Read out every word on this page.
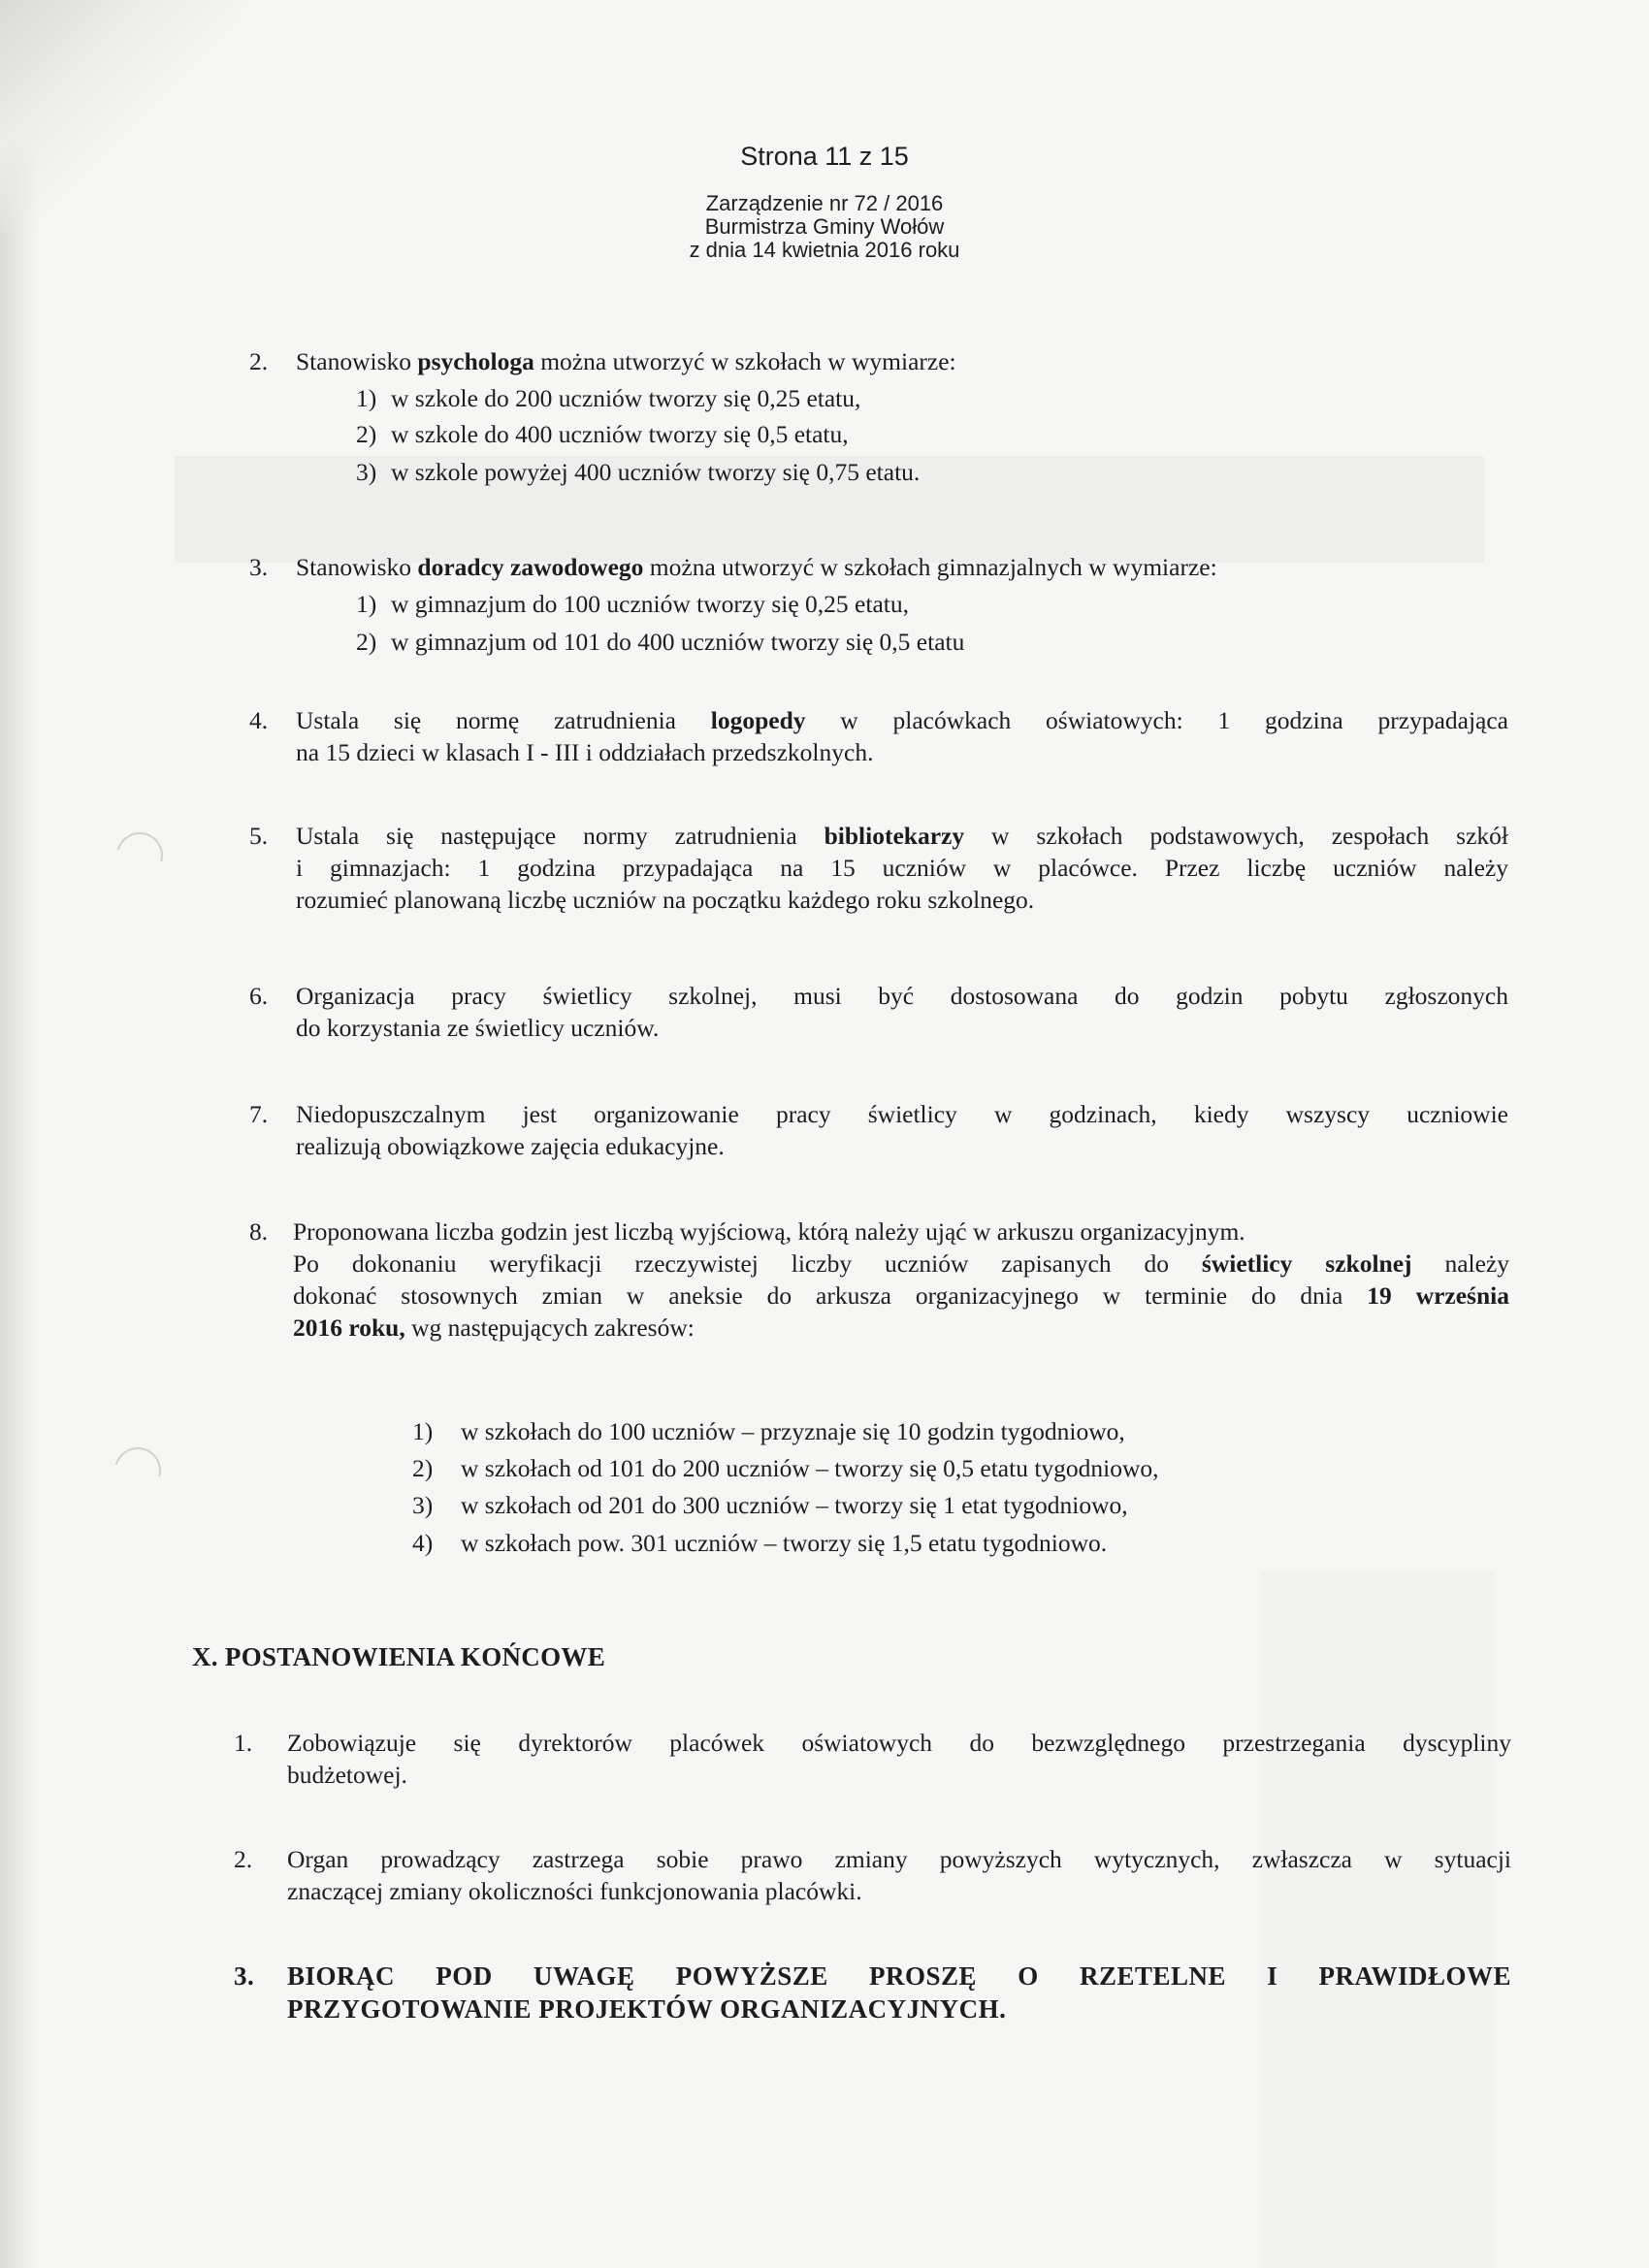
Strona 11 z 15
Zarządzenie nr 72 / 2016
Burmistrza Gminy Wołów
z dnia 14 kwietnia 2016 roku
2. Stanowisko psychologa można utworzyć w szkołach w wymiarze:
1) w szkole do 200 uczniów tworzy się 0,25 etatu,
2) w szkole do 400 uczniów tworzy się 0,5 etatu,
3) w szkole powyżej 400 uczniów tworzy się 0,75 etatu.
3. Stanowisko doradcy zawodowego można utworzyć w szkołach gimnazjalnych w wymiarze:
1) w gimnazjum do 100 uczniów tworzy się 0,25 etatu,
2) w gimnazjum od 101 do 400 uczniów tworzy się 0,5 etatu
4. Ustala się normę zatrudnienia logopedy w placówkach oświatowych: 1 godzina przypadająca
na 15 dzieci w klasach I - III i oddziałach przedszkolnych.
5. Ustala się następujące normy zatrudnienia bibliotekarzy w szkołach podstawowych, zespołach szkół
i gimnazjach: 1 godzina przypadająca na 15 uczniów w placówce. Przez liczbę uczniów należy
rozumieć planowaną liczbę uczniów na początku każdego roku szkolnego.
6. Organizacja pracy świetlicy szkolnej, musi być dostosowana do godzin pobytu zgłoszonych
do korzystania ze świetlicy uczniów.
7. Niedopuszczalnym jest organizowanie pracy świetlicy w godzinach, kiedy wszyscy uczniowie
realizują obowiązkowe zajęcia edukacyjne.
8. Proponowana liczba godzin jest liczbą wyjściową, którą należy ująć w arkuszu organizacyjnym.
Po dokonaniu weryfikacji rzeczywistej liczby uczniów zapisanych do świetlicy szkolnej należy
dokonać stosownych zmian w aneksie do arkusza organizacyjnego w terminie do dnia 19 września
2016 roku, wg następujących zakresów:
1) w szkołach do 100 uczniów – przyznaje się 10 godzin tygodniowo,
2) w szkołach od 101 do 200 uczniów – tworzy się 0,5 etatu tygodniowo,
3) w szkołach od 201 do 300 uczniów – tworzy się 1 etat tygodniowo,
4) w szkołach pow. 301 uczniów – tworzy się 1,5 etatu tygodniowo.
X. POSTANOWIENIA KOŃCOWE
1. Zobowiązuje się dyrektorów placówek oświatowych do bezwzględnego przestrzegania dyscypliny
budżetowej.
2. Organ prowadzący zastrzega sobie prawo zmiany powyższych wytycznych, zwłaszcza w sytuacji
znaczącej zmiany okoliczności funkcjonowania placówki.
3. BIORĄC POD UWAGĘ POWYŻSZE PROSZĘ O RZETELNE I PRAWIDŁOWE
PRZYGOTOWANIE PROJEKTÓW ORGANIZACYJNYCH.
